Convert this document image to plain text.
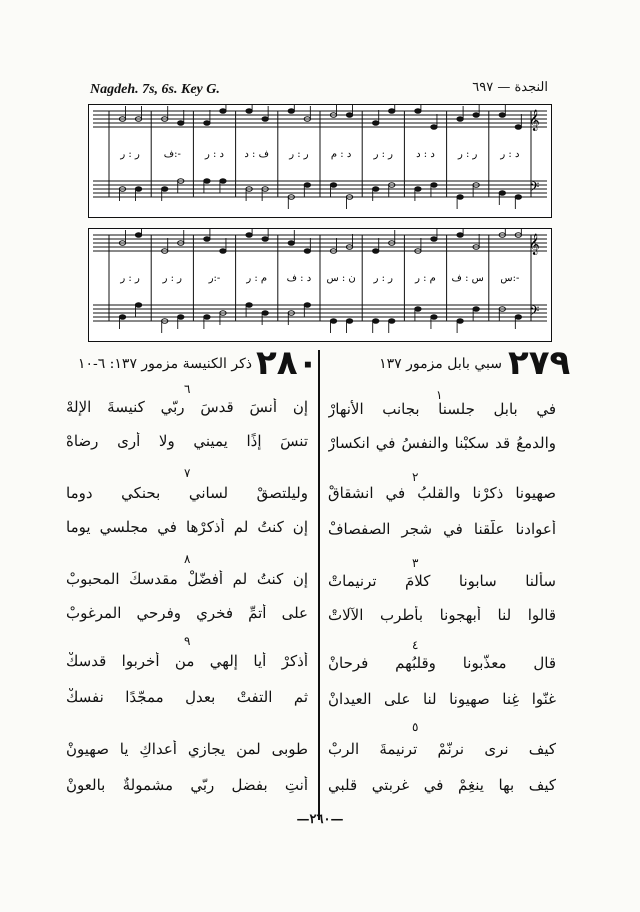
Nagdeh. 7s, 6s. Key G.	النجدة — ٦٩٧
ر : ر -:ف د : ر ف : د ر : ر د : م ر : ر د : د ر : ر د : ر
𝄞
𝄢
ر : ر ر : ر	-:ر	م : ر د : ف ن : س ر : ر م : ر س : ف -:س
𝄞
𝄢
٢٧٩
سبي بابل مزمور ١٣٧
٢٨٠
ذكر الكنيسة مزمور ١٣٧: ٦-١٠
١
٢
٣
٤
٥
٦
٧
٨
٩
في بابلٍ جلسنا بجانب الأنهارْ
والدمعُ قد سكبْنا والنفسُ في انكسارْ
صهيونا ذكرْنا والقلبُ في انشقاقْ
أعوادنا علّقنا في شجر الصفصافْ
سألنا سابونا كلامَ ترنيماتْ
قالوا لنا أبهجونا بأطرب الآلاتْ
قال معذّبونا وقلبُهم فرحانْ
غنّوا غِنا صهيونا لنا على العيدانْ
كيف نرى نرنّمْ ترنيمةَ الربْ
كيف بها ينغِمْ في غربتي قلبي
إن أنسَ قدسَ ربّي كنيسةَ الإلهْ
تنسَ إذًا يميني ولا أرى رضاهْ
وليلتصقْ لساني بحنكي دوما
إن كنتُ لم أذكرْها في مجلسي يوما
إن كنتُ لم أفضّلْ مقدسكَ المحبوبْ
على أتمِّ فخري وفرحي المرغوبْ
أذكرْ أيا إلهي من أخربوا قدسكْ
ثم التفتْ بعدلٍ ممجّدًا نفسكْ
طوبى لمن يجازي أعداكِ يا صهيونْ
أنتِ بفضلِ ربّي مشمولةٌ بالعونْ
—٢٦٠—
